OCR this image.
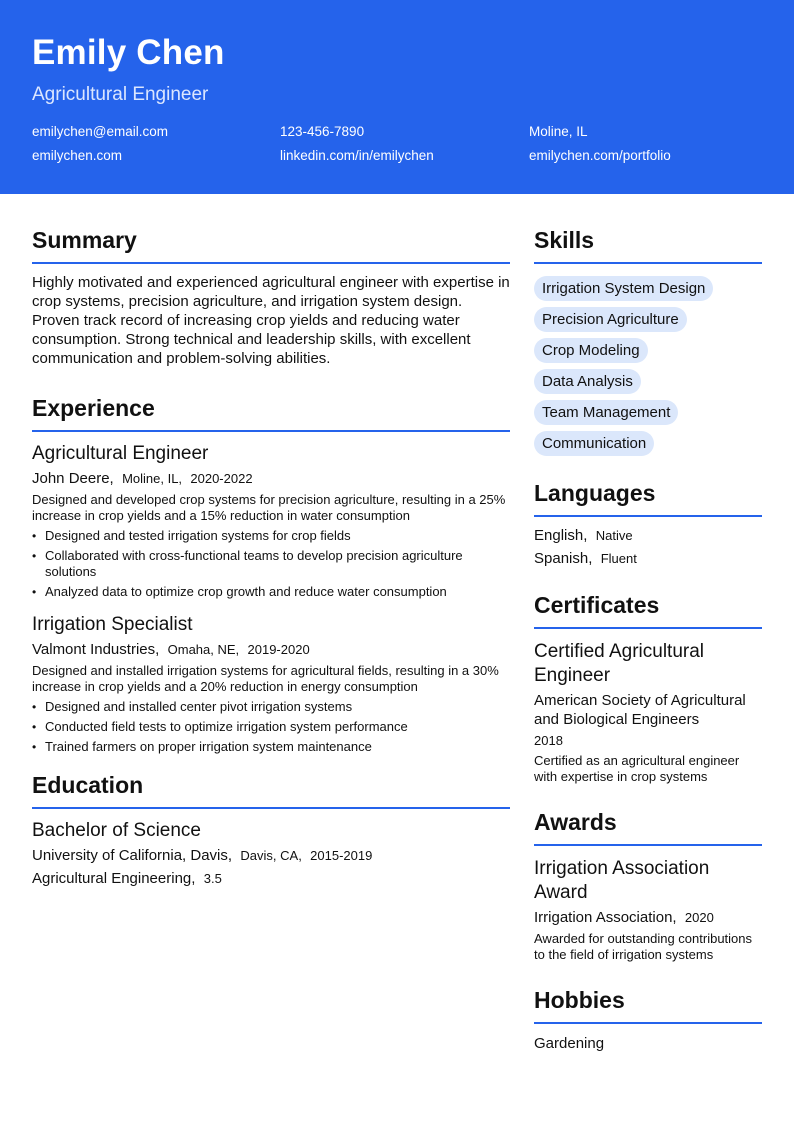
Emily Chen
Agricultural Engineer
emilychen@email.com	123-456-7890	Moline, IL
emilychen.com	linkedin.com/in/emilychen	emilychen.com/portfolio
Summary
Highly motivated and experienced agricultural engineer with expertise in crop systems, precision agriculture, and irrigation system design. Proven track record of increasing crop yields and reducing water consumption. Strong technical and leadership skills, with excellent communication and problem-solving abilities.
Experience
Agricultural Engineer
John Deere, Moline, IL, 2020-2022
Designed and developed crop systems for precision agriculture, resulting in a 25% increase in crop yields and a 15% reduction in water consumption
• Designed and tested irrigation systems for crop fields
• Collaborated with cross-functional teams to develop precision agriculture solutions
• Analyzed data to optimize crop growth and reduce water consumption
Irrigation Specialist
Valmont Industries, Omaha, NE, 2019-2020
Designed and installed irrigation systems for agricultural fields, resulting in a 30% increase in crop yields and a 20% reduction in energy consumption
• Designed and installed center pivot irrigation systems
• Conducted field tests to optimize irrigation system performance
• Trained farmers on proper irrigation system maintenance
Education
Bachelor of Science
University of California, Davis, Davis, CA, 2015-2019
Agricultural Engineering, 3.5
Skills
Irrigation System Design
Precision Agriculture
Crop Modeling
Data Analysis
Team Management
Communication
Languages
English, Native
Spanish, Fluent
Certificates
Certified Agricultural Engineer
American Society of Agricultural and Biological Engineers
2018
Certified as an agricultural engineer with expertise in crop systems
Awards
Irrigation Association Award
Irrigation Association, 2020
Awarded for outstanding contributions to the field of irrigation systems
Hobbies
Gardening
